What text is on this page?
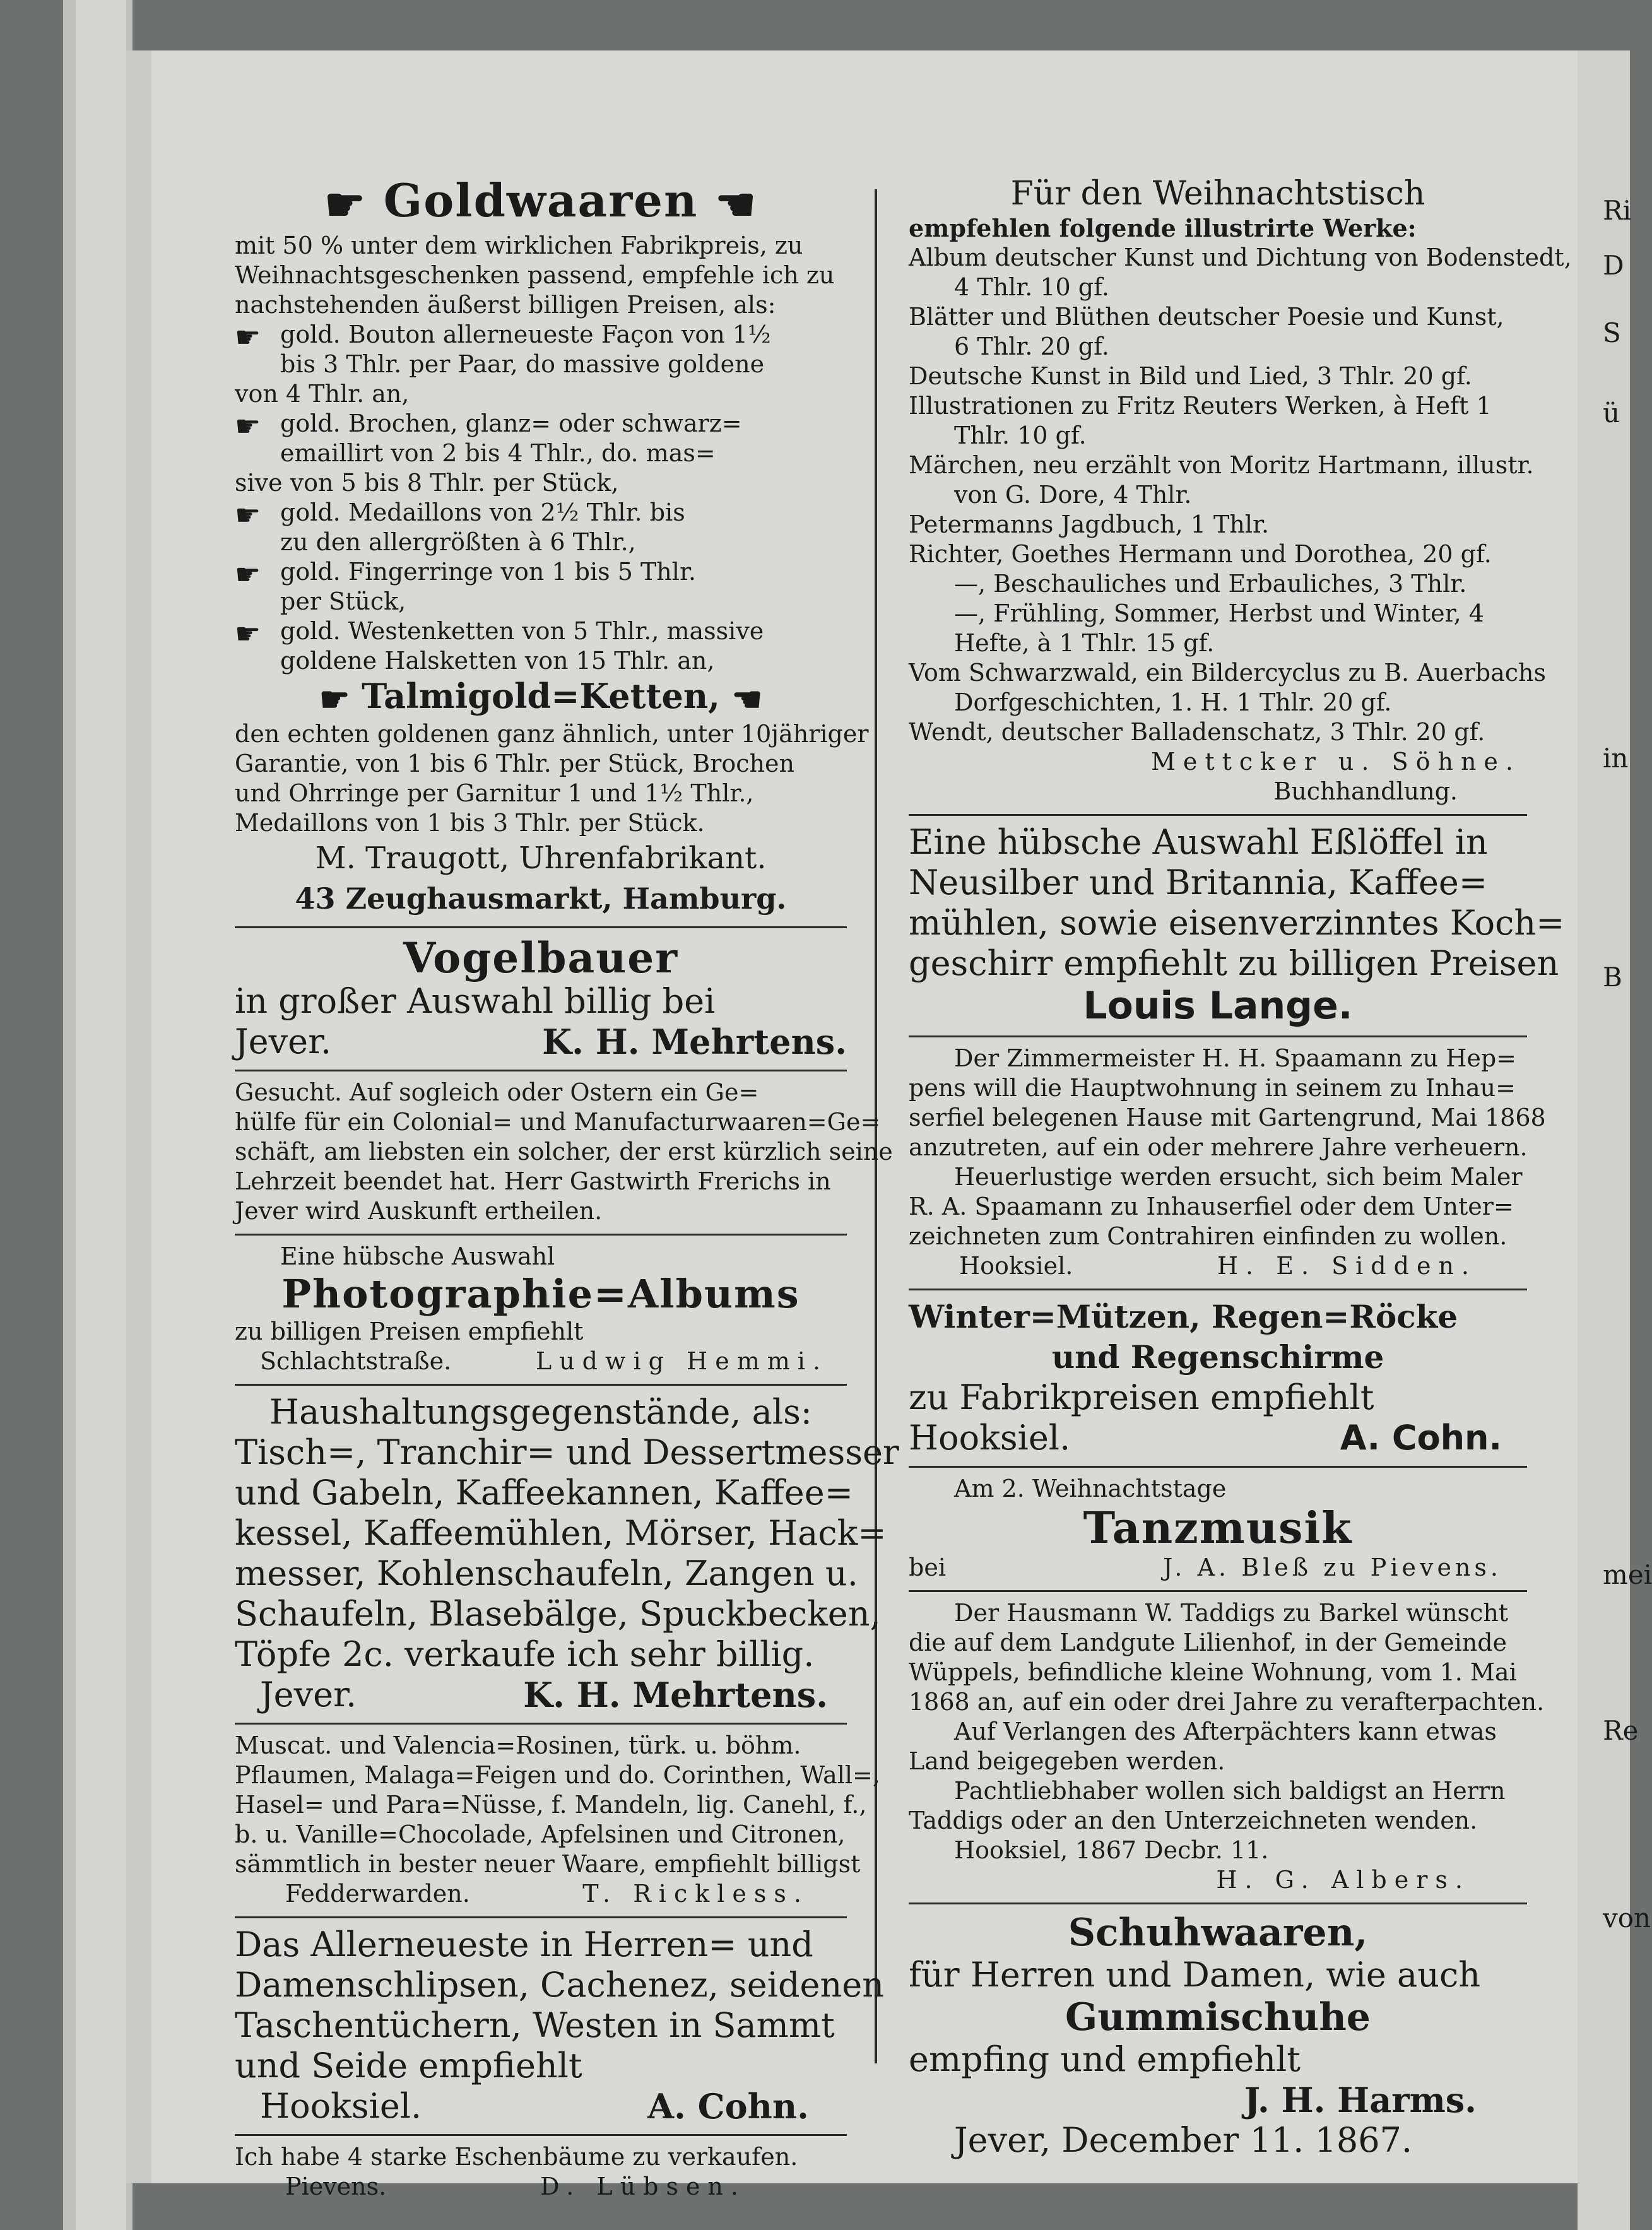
☛ Goldwaaren ☚
mit 50 % unter dem wirklichen Fabrikpreis, zu
Weihnachtsgeschenken passend, empfehle ich zu
nachstehenden äußerst billigen Preisen, als:
☛ gold. Bouton allerneueste Façon von 1½
bis 3 Thlr. per Paar, do massive goldene
von 4 Thlr. an,
☛ gold. Brochen, glanz= oder schwarz=
emaillirt von 2 bis 4 Thlr., do. mas=
sive von 5 bis 8 Thlr. per Stück,
☛ gold. Medaillons von 2½ Thlr. bis
zu den allergrößten à 6 Thlr.,
☛ gold. Fingerringe von 1 bis 5 Thlr.
per Stück,
☛ gold. Westenketten von 5 Thlr., massive
goldene Halsketten von 15 Thlr. an,
☛ Talmigold=Ketten, ☚
den echten goldenen ganz ähnlich, unter 10jähriger
Garantie, von 1 bis 6 Thlr. per Stück, Brochen
und Ohrringe per Garnitur 1 und 1½ Thlr.,
Medaillons von 1 bis 3 Thlr. per Stück.
M. Traugott, Uhrenfabrikant.
43 Zeughausmarkt, Hamburg.
Vogelbauer
in großer Auswahl billig bei
Jever.	K. H. Mehrtens.
Gesucht. Auf sogleich oder Ostern ein Ge=
hülfe für ein Colonial= und Manufacturwaaren=Ge=
schäft, am liebsten ein solcher, der erst kürzlich seine
Lehrzeit beendet hat. Herr Gastwirth Frerichs in
Jever wird Auskunft ertheilen.
Eine hübsche Auswahl
Photographie=Albums
zu billigen Preisen empfiehlt
Schlachtstraße.	Ludwig Hemmi.
Haushaltungsgegenstände, als:
Tisch=, Tranchir= und Dessertmesser
und Gabeln, Kaffeekannen, Kaffee=
kessel, Kaffeemühlen, Mörser, Hack=
messer, Kohlenschaufeln, Zangen u.
Schaufeln, Blasebälge, Spuckbecken,
Töpfe 2c. verkaufe ich sehr billig.
Jever.	K. H. Mehrtens.
Muscat. und Valencia=Rosinen, türk. u. böhm.
Pflaumen, Malaga=Feigen und do. Corinthen, Wall=,
Hasel= und Para=Nüsse, f. Mandeln, lig. Canehl, f.,
b. u. Vanille=Chocolade, Apfelsinen und Citronen,
sämmtlich in bester neuer Waare, empfiehlt billigst
Fedderwarden.	T. Rickless.
Das Allerneueste in Herren= und
Damenschlipsen, Cachenez, seidenen
Taschentüchern, Westen in Sammt
und Seide empfiehlt
Hooksiel.	A. Cohn.
Ich habe 4 starke Eschenbäume zu verkaufen.
Pievens.	D. Lübsen.
Für den Weihnachtstisch
empfehlen folgende illustrirte Werke:
Album deutscher Kunst und Dichtung von Bodenstedt,
4 Thlr. 10 gf.
Blätter und Blüthen deutscher Poesie und Kunst,
6 Thlr. 20 gf.
Deutsche Kunst in Bild und Lied, 3 Thlr. 20 gf.
Illustrationen zu Fritz Reuters Werken, à Heft 1
Thlr. 10 gf.
Märchen, neu erzählt von Moritz Hartmann, illustr.
von G. Dore, 4 Thlr.
Petermanns Jagdbuch, 1 Thlr.
Richter, Goethes Hermann und Dorothea, 20 gf.
—, Beschauliches und Erbauliches, 3 Thlr.
—, Frühling, Sommer, Herbst und Winter, 4
Hefte, à 1 Thlr. 15 gf.
Vom Schwarzwald, ein Bildercyclus zu B. Auerbachs
Dorfgeschichten, 1. H. 1 Thlr. 20 gf.
Wendt, deutscher Balladenschatz, 3 Thlr. 20 gf.
Mettcker u. Söhne.
Buchhandlung.
Eine hübsche Auswahl Eßlöffel in
Neusilber und Britannia, Kaffee=
mühlen, sowie eisenverzinntes Koch=
geschirr empfiehlt zu billigen Preisen
Louis Lange.
Der Zimmermeister H. H. Spaamann zu Hep=
pens will die Hauptwohnung in seinem zu Inhau=
serfiel belegenen Hause mit Gartengrund, Mai 1868
anzutreten, auf ein oder mehrere Jahre verheuern.
Heuerlustige werden ersucht, sich beim Maler
R. A. Spaamann zu Inhauserfiel oder dem Unter=
zeichneten zum Contrahiren einfinden zu wollen.
Hooksiel.	H. E. Sidden.
Winter=Mützen, Regen=Röcke
und Regenschirme
zu Fabrikpreisen empfiehlt
Hooksiel.	A. Cohn.
Am 2. Weihnachtstage
Tanzmusik
bei	J. A. Bleß zu Pievens.
Der Hausmann W. Taddigs zu Barkel wünscht
die auf dem Landgute Lilienhof, in der Gemeinde
Wüppels, befindliche kleine Wohnung, vom 1. Mai
1868 an, auf ein oder drei Jahre zu verafterpachten.
Auf Verlangen des Afterpächters kann etwas
Land beigegeben werden.
Pachtliebhaber wollen sich baldigst an Herrn
Taddigs oder an den Unterzeichneten wenden.
Hooksiel, 1867 Decbr. 11.
H. G. Albers.
Schuhwaaren,
für Herren und Damen, wie auch
Gummischuhe
empfing und empfiehlt
J. H. Harms.
Jever, December 11. 1867.
Ri
D
S
ü
in
B
mei
Re
von
